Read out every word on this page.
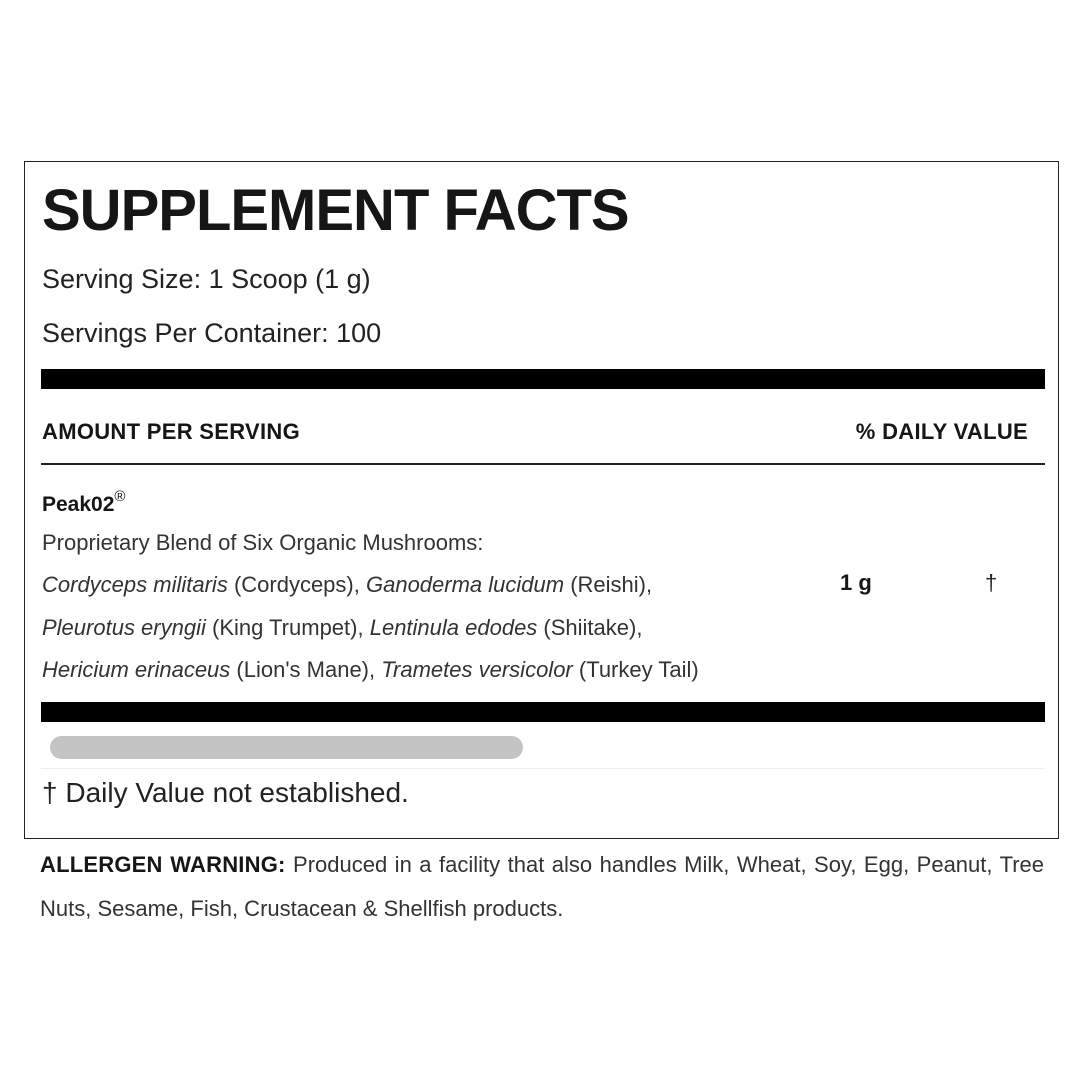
SUPPLEMENT FACTS
Serving Size: 1 Scoop (1 g)
Servings Per Container: 100
AMOUNT PER SERVING	% DAILY VALUE
Peak02®
Proprietary Blend of Six Organic Mushrooms:
Cordyceps militaris (Cordyceps), Ganoderma lucidum (Reishi),
Pleurotus eryngii (King Trumpet), Lentinula edodes (Shiitake),
Hericium erinaceus (Lion's Mane), Trametes versicolor (Turkey Tail)
1 g	†
† Daily Value not established.
ALLERGEN WARNING: Produced in a facility that also handles Milk, Wheat, Soy, Egg, Peanut, Tree Nuts, Sesame, Fish, Crustacean & Shellfish products.
